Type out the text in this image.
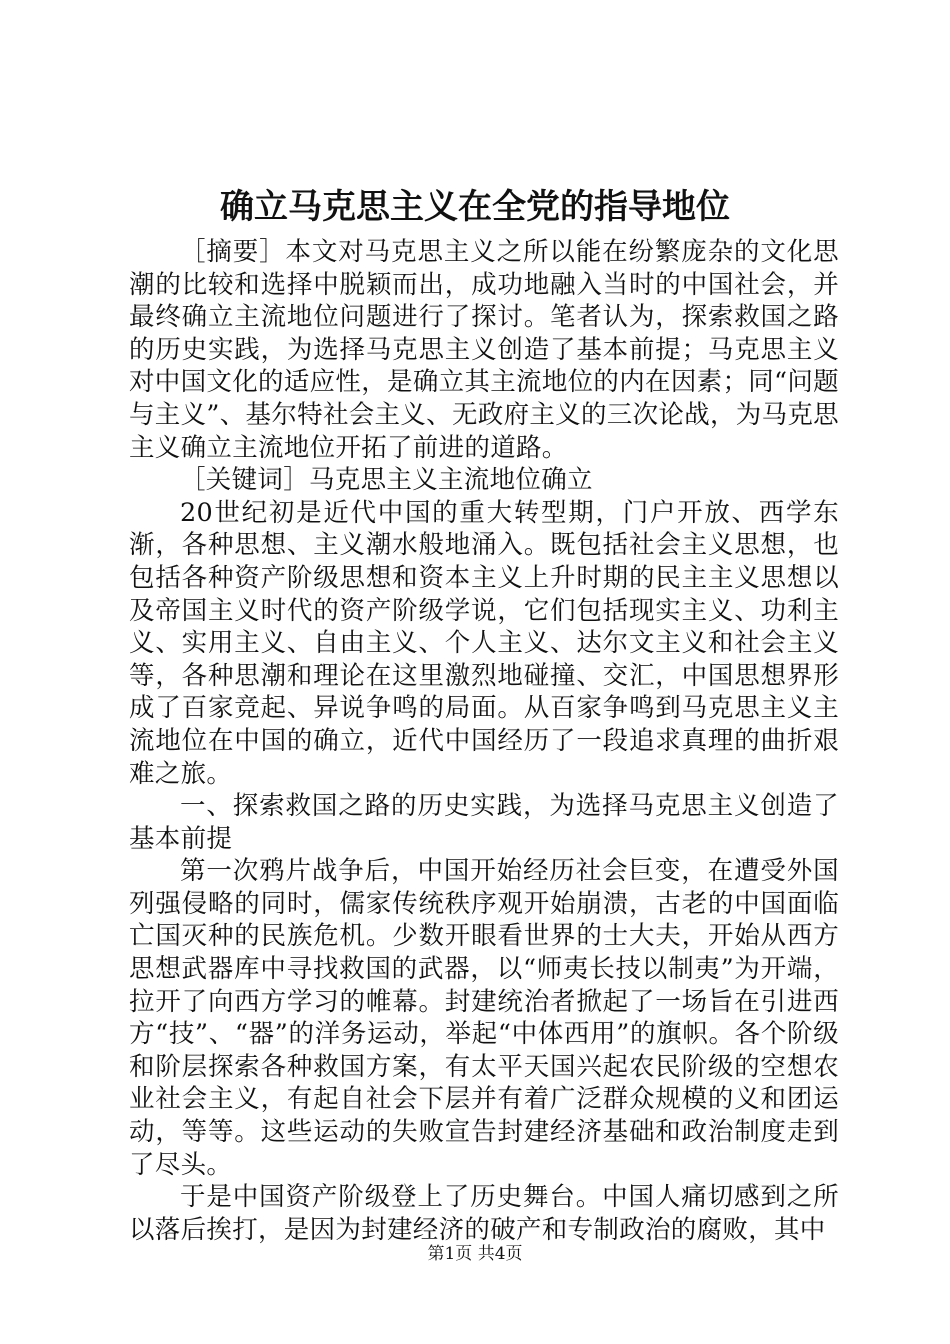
确立马克思主义在全党的指导地位

［摘要］本文对马克思主义之所以能在纷繁庞杂的文化思潮的比较和选择中脱颖而出，成功地融入当时的中国社会，并最终确立主流地位问题进行了探讨。笔者认为，探索救国之路的历史实践，为选择马克思主义创造了基本前提；马克思主义对中国文化的适应性，是确立其主流地位的内在因素；同“问题与主义”、基尔特社会主义、无政府主义的三次论战，为马克思主义确立主流地位开拓了前进的道路。

［关键词］马克思主义主流地位确立

20世纪初是近代中国的重大转型期，门户开放、西学东渐，各种思想、主义潮水般地涌入。既包括社会主义思想，也包括各种资产阶级思想和资本主义上升时期的民主主义思想以及帝国主义时代的资产阶级学说，它们包括现实主义、功利主义、实用主义、自由主义、个人主义、达尔文主义和社会主义等，各种思潮和理论在这里激烈地碰撞、交汇，中国思想界形成了百家竞起、异说争鸣的局面。从百家争鸣到马克思主义主流地位在中国的确立，近代中国经历了一段追求真理的曲折艰难之旅。

一、探索救国之路的历史实践，为选择马克思主义创造了基本前提

第一次鸦片战争后，中国开始经历社会巨变，在遭受外国列强侵略的同时，儒家传统秩序观开始崩溃，古老的中国面临亡国灭种的民族危机。少数开眼看世界的士大夫，开始从西方思想武器库中寻找救国的武器，以“师夷长技以制夷”为开端，拉开了向西方学习的帷幕。封建统治者掀起了一场旨在引进西方“技”、“器”的洋务运动，举起“中体西用”的旗帜。各个阶级和阶层探索各种救国方案，有太平天国兴起农民阶级的空想农业社会主义，有起自社会下层并有着广泛群众规模的义和团运动，等等。这些运动的失败宣告封建经济基础和政治制度走到了尽头。

于是中国资产阶级登上了历史舞台。中国人痛切感到之所以落后挨打，是因为封建经济的破产和专制政治的腐败，其中

第1页 共4页
